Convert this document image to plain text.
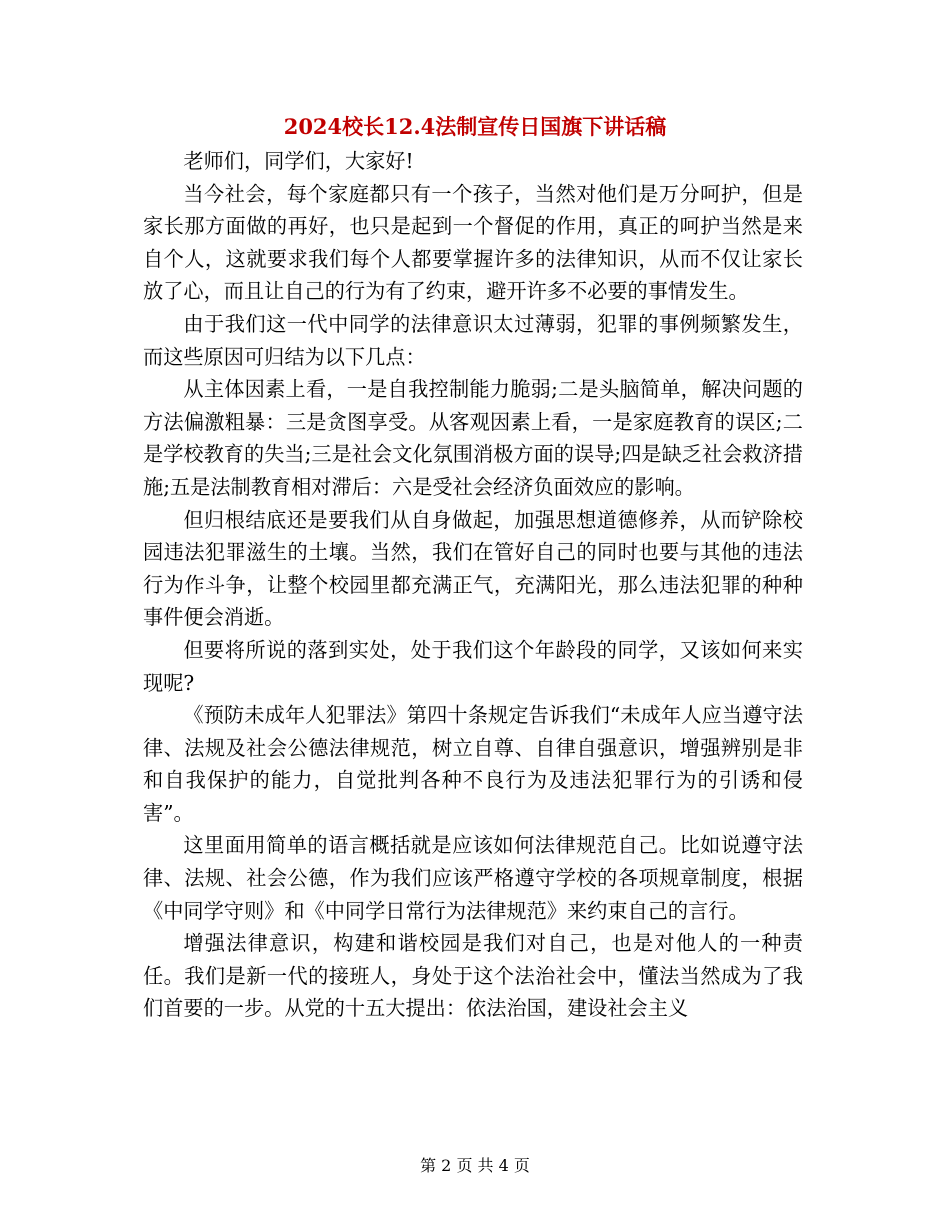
2024校长12.4法制宣传日国旗下讲话稿

老师们，同学们，大家好!

当今社会，每个家庭都只有一个孩子，当然对他们是万分呵护，但是家长那方面做的再好，也只是起到一个督促的作用，真正的呵护当然是来自个人，这就要求我们每个人都要掌握许多的法律知识，从而不仅让家长放了心，而且让自己的行为有了约束，避开许多不必要的事情发生。

由于我们这一代中同学的法律意识太过薄弱，犯罪的事例频繁发生，而这些原因可归结为以下几点：

从主体因素上看，一是自我控制能力脆弱;二是头脑简单，解决问题的方法偏激粗暴：三是贪图享受。从客观因素上看，一是家庭教育的误区;二是学校教育的失当;三是社会文化氛围消极方面的误导;四是缺乏社会救济措施;五是法制教育相对滞后：六是受社会经济负面效应的影响。

但归根结底还是要我们从自身做起，加强思想道德修养，从而铲除校园违法犯罪滋生的土壤。当然，我们在管好自己的同时也要与其他的违法行为作斗争，让整个校园里都充满正气，充满阳光，那么违法犯罪的种种事件便会消逝。

但要将所说的落到实处，处于我们这个年龄段的同学，又该如何来实现呢?

《预防未成年人犯罪法》第四十条规定告诉我们“未成年人应当遵守法律、法规及社会公德法律规范，树立自尊、自律自强意识，增强辨别是非和自我保护的能力，自觉批判各种不良行为及违法犯罪行为的引诱和侵害”。

这里面用简单的语言概括就是应该如何法律规范自己。比如说遵守法律、法规、社会公德，作为我们应该严格遵守学校的各项规章制度，根据《中同学守则》和《中同学日常行为法律规范》来约束自己的言行。

增强法律意识，构建和谐校园是我们对自己，也是对他人的一种责任。我们是新一代的接班人，身处于这个法治社会中，懂法当然成为了我们首要的一步。从党的十五大提出：依法治国，建设社会主义

第 2 页 共 4 页
